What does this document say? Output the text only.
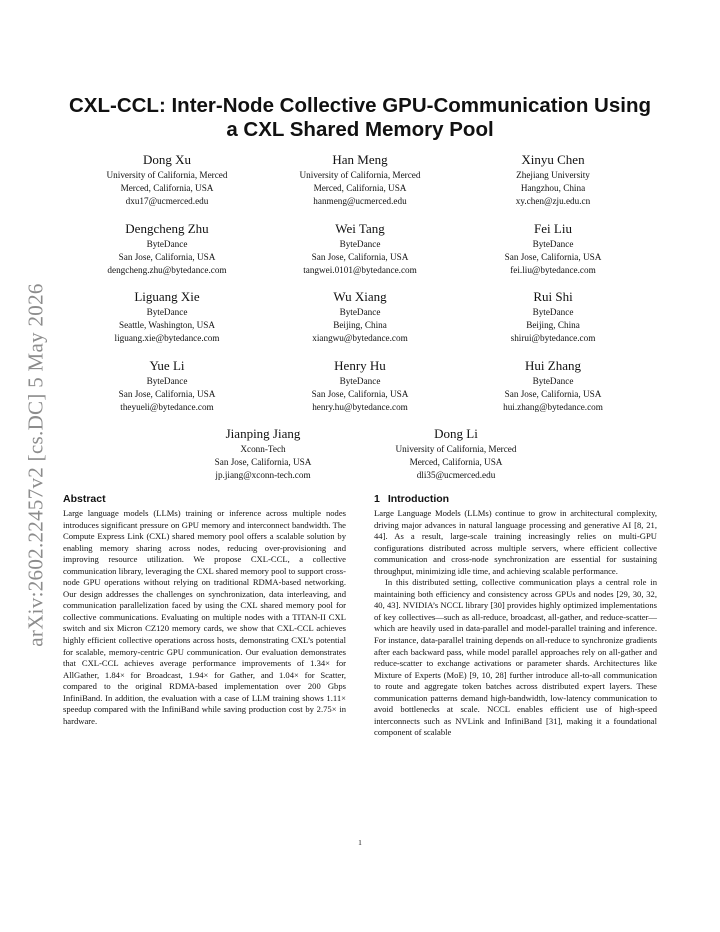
arXiv:2602.22457v2 [cs.DC] 5 May 2026
CXL-CCL: Inter-Node Collective GPU-Communication Using a CXL Shared Memory Pool
Dong Xu
University of California, Merced
Merced, California, USA
dxu17@ucmerced.edu
Han Meng
University of California, Merced
Merced, California, USA
hanmeng@ucmerced.edu
Xinyu Chen
Zhejiang University
Hangzhou, China
xy.chen@zju.edu.cn
Dengcheng Zhu
ByteDance
San Jose, California, USA
dengcheng.zhu@bytedance.com
Wei Tang
ByteDance
San Jose, California, USA
tangwei.0101@bytedance.com
Fei Liu
ByteDance
San Jose, California, USA
fei.liu@bytedance.com
Liguang Xie
ByteDance
Seattle, Washington, USA
liguang.xie@bytedance.com
Wu Xiang
ByteDance
Beijing, China
xiangwu@bytedance.com
Rui Shi
ByteDance
Beijing, China
shirui@bytedance.com
Yue Li
ByteDance
San Jose, California, USA
theyueli@bytedance.com
Henry Hu
ByteDance
San Jose, California, USA
henry.hu@bytedance.com
Hui Zhang
ByteDance
San Jose, California, USA
hui.zhang@bytedance.com
Jianping Jiang
Xconn-Tech
San Jose, California, USA
jp.jiang@xconn-tech.com
Dong Li
University of California, Merced
Merced, California, USA
dli35@ucmerced.edu
Abstract

Large language models (LLMs) training or inference across multiple nodes introduces significant pressure on GPU memory and interconnect bandwidth. The Compute Express Link (CXL) shared memory pool offers a scalable solution by enabling memory sharing across nodes, reducing over-provisioning and improving resource utilization. We propose CXL-CCL, a collective communication library, leveraging the CXL shared memory pool to support cross-node GPU operations without relying on traditional RDMA-based networking. Our design addresses the challenges on synchronization, data interleaving, and communication parallelization faced by using the CXL shared memory pool for collective communications. Evaluating on multiple nodes with a TITAN-II CXL switch and six Micron CZ120 memory cards, we show that CXL-CCL achieves highly efficient collective operations across hosts, demonstrating CXL’s potential for scalable, memory-centric GPU communication. Our evaluation demonstrates that CXL-CCL achieves average performance improvements of 1.34× for AllGather, 1.84× for Broadcast, 1.94× for Gather, and 1.04× for Scatter, compared to the original RDMA-based implementation over 200 Gbps InfiniBand. In addition, the evaluation with a case of LLM training shows 1.11× speedup compared with the InfiniBand while saving production cost by 2.75× in hardware.

1 Introduction

Large Language Models (LLMs) continue to grow in architectural complexity, driving major advances in natural language processing and generative AI [8, 21, 44]. As a result, large-scale training increasingly relies on multi-GPU configurations distributed across multiple servers, where efficient collective communication and cross-node synchronization are essential for sustaining throughput, minimizing idle time, and achieving scalable performance.

In this distributed setting, collective communication plays a central role in maintaining both efficiency and consistency across GPUs and nodes [29, 30, 32, 40, 43]. NVIDIA’s NCCL library [30] provides highly optimized implementations of key collectives—such as all-reduce, broadcast, all-gather, and reduce-scatter—which are heavily used in data-parallel and model-parallel training and inference. For instance, data-parallel training depends on all-reduce to synchronize gradients after each backward pass, while model parallel approaches rely on all-gather and reduce-scatter to exchange activations or parameter shards. Architectures like Mixture of Experts (MoE) [9, 10, 28] further introduce all-to-all communication to route and aggregate token batches across distributed expert layers. These communication patterns demand high-bandwidth, low-latency communication to avoid bottlenecks at scale. NCCL enables efficient use of high-speed interconnects such as NVLink and InfiniBand [31], making it a foundational component of scalable

1
